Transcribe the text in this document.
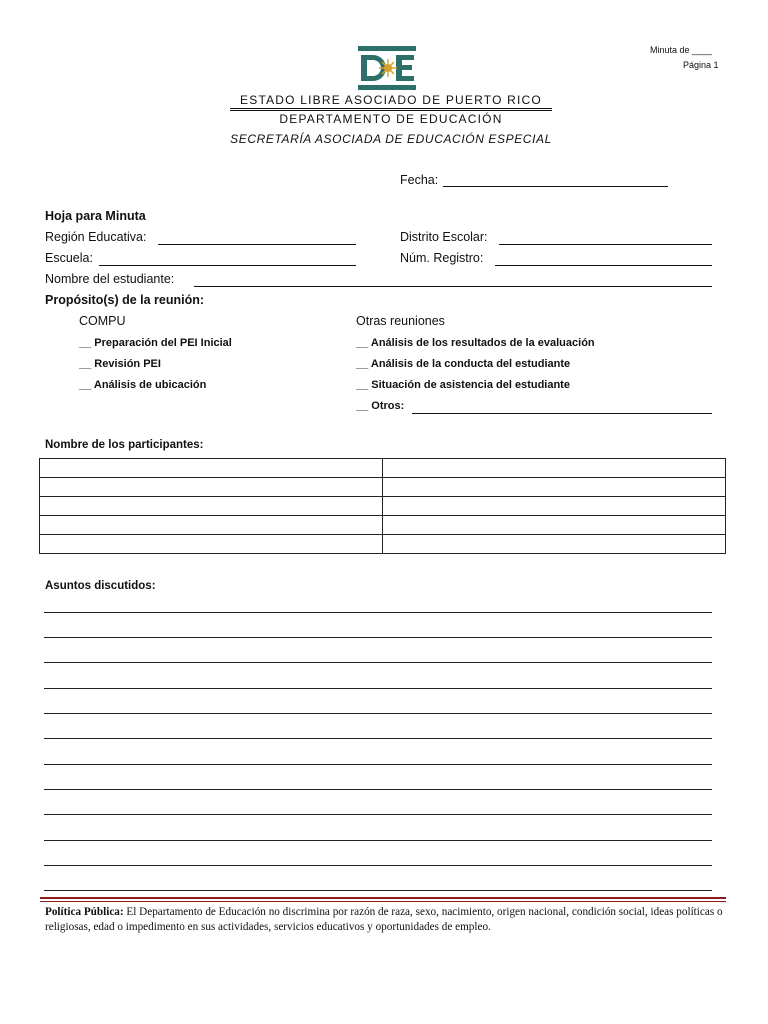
Minuta de ____
Página 1
ESTADO LIBRE ASOCIADO DE PUERTO RICO
DEPARTAMENTO DE EDUCACIÓN
SECRETARÍA ASOCIADA DE EDUCACIÓN ESPECIAL
Fecha:
Hoja para Minuta
Región Educativa:	Distrito Escolar:
Escuela:	Núm. Registro:
Nombre del estudiante:
Propósito(s) de la reunión:
COMPU	Otras reuniones
__ Preparación del PEI Inicial
__ Revisión PEI
__ Análisis de ubicación
__ Análisis de los resultados de la evaluación
__ Análisis de la conducta del estudiante
__ Situación de asistencia del estudiante
__ Otros:
Nombre de los participantes:

Asuntos discutidos:
Política Pública: El Departamento de Educación no discrimina por razón de raza, sexo, nacimiento, origen nacional, condición social, ideas políticas o religiosas, edad o impedimento en sus actividades, servicios educativos y oportunidades de empleo.
